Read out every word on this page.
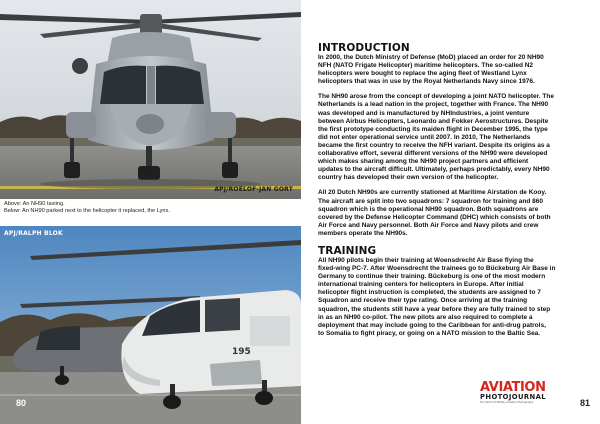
APJ/ROELOF-JAN GORT
Above: An NH90 taxiing.
Below: An NH90 parked next to the helicopter it replaced, the Lynx.
195
APJ/RALPH BLOK
80
INTRODUCTION
In 2000, the Dutch Ministry of Defense (MoD) placed an order for 20 NH90
NFH (NATO Frigate Helicopter) maritime helicopters. The so-called N2
helicopters were bought to replace the aging fleet of Westland Lynx
helicopters that was in use by the Royal Netherlands Navy since 1976.
The NH90 arose from the concept of developing a joint NATO helicopter. The
Netherlands is a lead nation in the project, together with France. The NH90
was developed and is manufactured by NHIndustries, a joint venture
between Airbus Helicopters, Leonardo and Fokker Aerostructures. Despite
the first prototype conducting its maiden flight in December 1995, the type
did not enter operational service until 2007. In 2010, The Netherlands
became the first country to receive the NFH variant. Despite its origins as a
collaborative effort, several different versions of the NH90 were developed
which makes sharing among the NH90 project partners and efficient
updates to the aircraft difficult. Ultimately, perhaps predictably, every NH90
country has developed their own version of the helicopter.
All 20 Dutch NH90s are currently stationed at Maritime Airstation de Kooy.
The aircraft are split into two squadrons: 7 squadron for training and 860
squadron which is the operational NH90 squadron. Both squadrons are
covered by the Defense Helicopter Command (DHC) which consists of both
Air Force and Navy personnel. Both Air Force and Navy pilots and crew
members operate the NH90s.
TRAINING
All NH90 pilots begin their training at Woensdrecht Air Base flying the
fixed-wing PC-7. After Woensdrecht the trainees go to Bückeburg Air Base in
Germany to continue their training. Bückeburg is one of the most modern
international training centers for helicopters in Europe. After initial
helicopter flight instruction is completed, the students are assigned to 7
Squadron and receive their type rating. Once arriving at the training
squadron, the students still have a year before they are fully trained to step
in as an NH90 co-pilot. The new pilots are also required to complete a
deployment that may include going to the Caribbean for anti-drug patrols,
to Somalia to fight piracy, or going on a NATO mission to the Baltic Sea.
AVIATION
PHOTOJOURNAL
The World of Military Aviation Photography	81
